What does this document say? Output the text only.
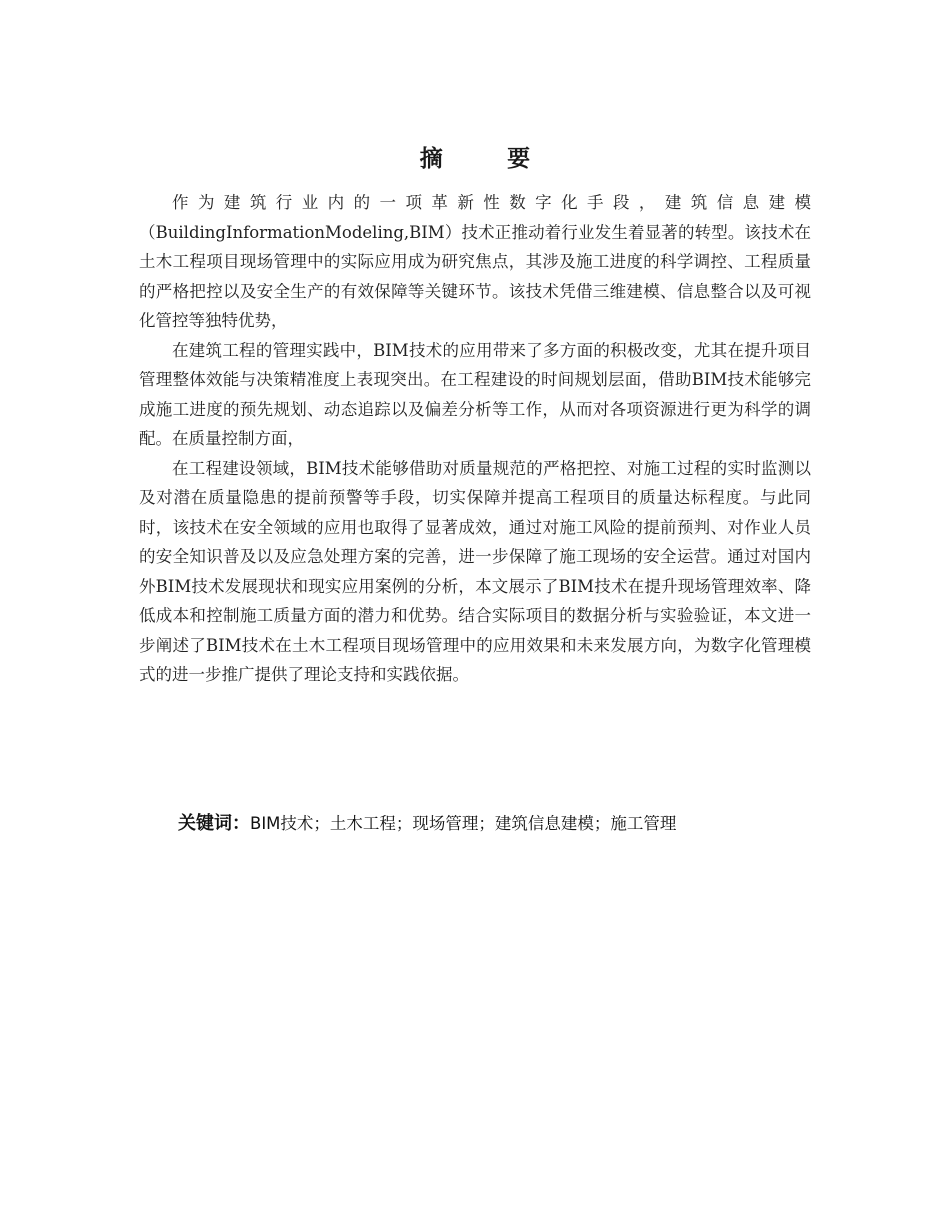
摘　要

作为建筑行业内的一项革新性数字化手段，建筑信息建模（BuildingInformationModeling,BIM）技术正推动着行业发生着显著的转型。该技术在土木工程项目现场管理中的实际应用成为研究焦点，其涉及施工进度的科学调控、工程质量的严格把控以及安全生产的有效保障等关键环节。该技术凭借三维建模、信息整合以及可视化管控等独特优势，

在建筑工程的管理实践中，BIM技术的应用带来了多方面的积极改变，尤其在提升项目管理整体效能与决策精准度上表现突出。在工程建设的时间规划层面，借助BIM技术能够完成施工进度的预先规划、动态追踪以及偏差分析等工作，从而对各项资源进行更为科学的调配。在质量控制方面，

在工程建设领域，BIM技术能够借助对质量规范的严格把控、对施工过程的实时监测以及对潜在质量隐患的提前预警等手段，切实保障并提高工程项目的质量达标程度。与此同时，该技术在安全领域的应用也取得了显著成效，通过对施工风险的提前预判、对作业人员的安全知识普及以及应急处理方案的完善，进一步保障了施工现场的安全运营。通过对国内外BIM技术发展现状和现实应用案例的分析，本文展示了BIM技术在提升现场管理效率、降低成本和控制施工质量方面的潜力和优势。结合实际项目的数据分析与实验验证，本文进一步阐述了BIM技术在土木工程项目现场管理中的应用效果和未来发展方向，为数字化管理模式的进一步推广提供了理论支持和实践依据。

关键词：BIM技术；土木工程；现场管理；建筑信息建模；施工管理
